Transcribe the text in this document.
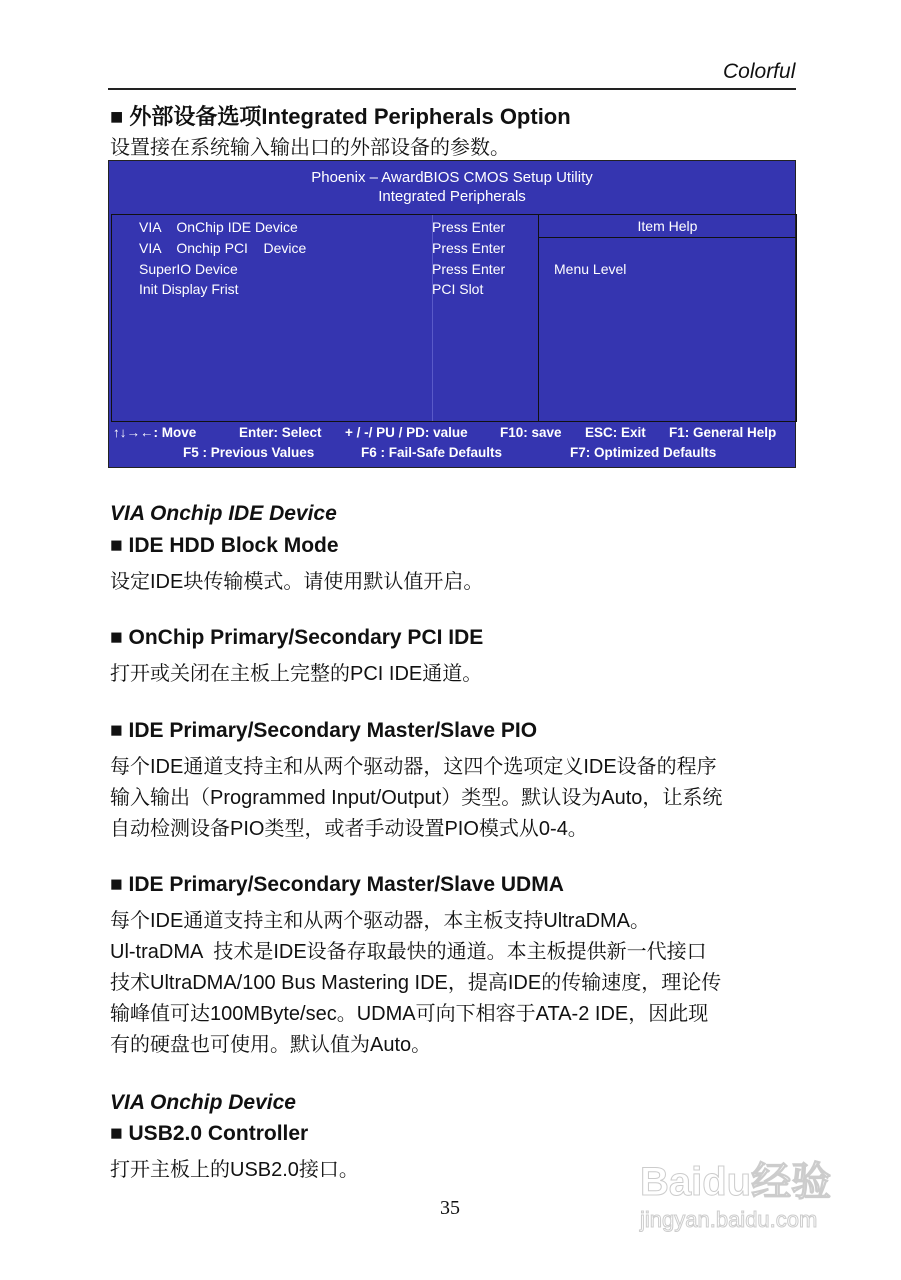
Colorful
■ 外部设备选项Integrated Peripherals Option
设置接在系统输入输出口的外部设备的参数。
Phoenix – AwardBIOS CMOS Setup Utility
Integrated Peripherals
Item Help
Menu Level
VIA    OnChip IDE Device	Press Enter
VIA    Onchip PCI    Device	Press Enter
SuperIO Device	Press Enter
Init Display Frist	PCI Slot
↑↓→←: Move	Enter: Select + / -/ PU / PD: value F10: save ESC: Exit F1: General Help
F5 : Previous Values	F6 : Fail-Safe Defaults	F7: Optimized Defaults
VIA Onchip IDE Device
■ IDE HDD Block Mode
设定IDE块传输模式。请使用默认值开启。
■ OnChip Primary/Secondary PCI IDE
打开或关闭在主板上完整的PCI IDE通道。
■ IDE Primary/Secondary Master/Slave PIO
每个IDE通道支持主和从两个驱动器，这四个选项定义IDE设备的程序
输入输出（Programmed Input/Output）类型。默认设为Auto，让系统
自动检测设备PIO类型，或者手动设置PIO模式从0-4。
■ IDE Primary/Secondary Master/Slave UDMA
每个IDE通道支持主和从两个驱动器，本主板支持UltraDMA。
Ul-traDMA  技术是IDE设备存取最快的通道。本主板提供新一代接口
技术UltraDMA/100 Bus Mastering IDE，提高IDE的传输速度，理论传
输峰值可达100MByte/sec。UDMA可向下相容于ATA-2 IDE，因此现
有的硬盘也可使用。默认值为Auto。
VIA Onchip Device
■ USB2.0 Controller
打开主板上的USB2.0接口。
35
Baidu经验
jingyan.baidu.com
